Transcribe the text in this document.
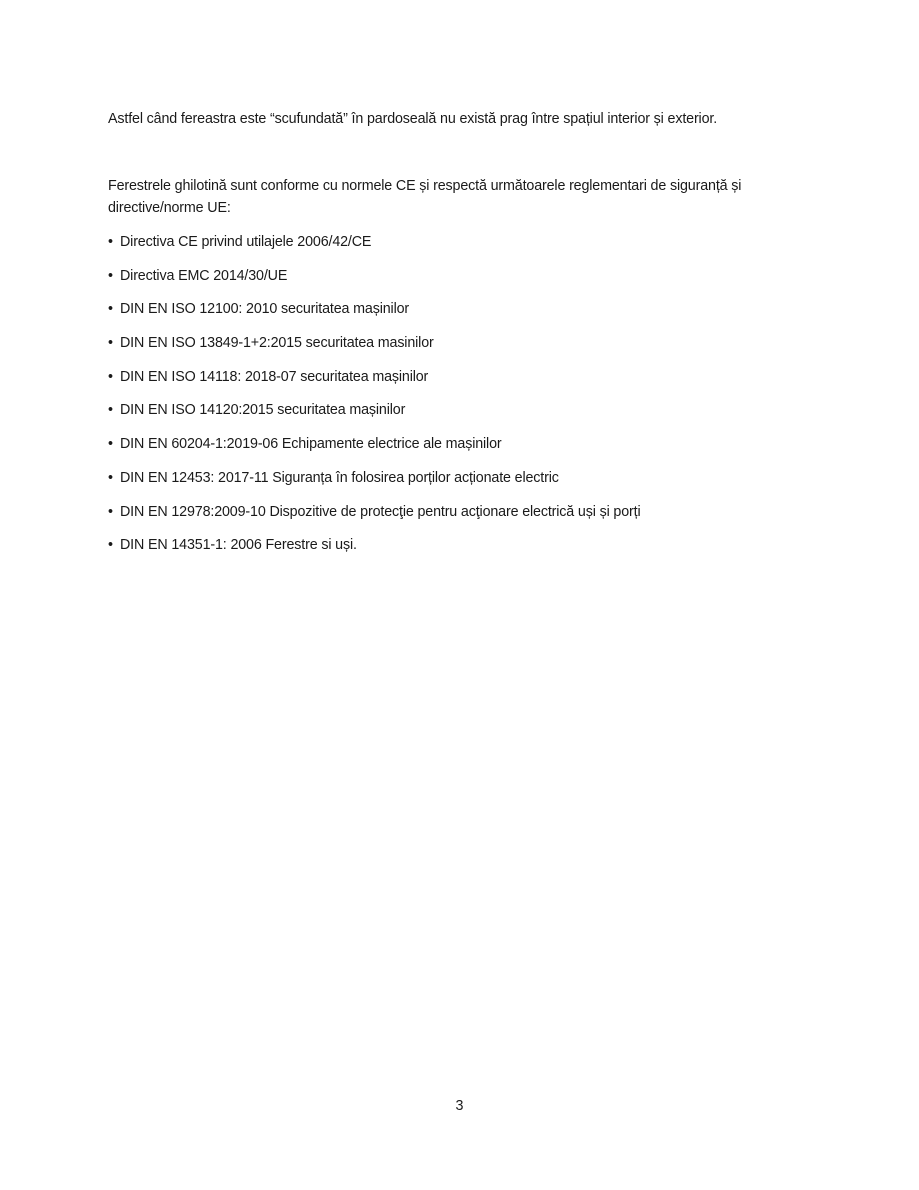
Astfel când fereastra este “scufundată” în pardoseală nu există prag între spațiul interior și exterior.

Ferestrele ghilotină sunt conforme cu normele CE și respectă următoarele reglementari de siguranță și directive/norme UE:

• Directiva CE privind utilajele 2006/42/CE
• Directiva EMC 2014/30/UE
• DIN EN ISO 12100: 2010 securitatea mașinilor
• DIN EN ISO 13849-1+2:2015 securitatea masinilor
• DIN EN ISO 14118: 2018-07 securitatea mașinilor
• DIN EN ISO 14120:2015 securitatea mașinilor
• DIN EN 60204-1:2019-06 Echipamente electrice ale mașinilor
• DIN EN 12453: 2017-11 Siguranța în folosirea porților acționate electric
• DIN EN 12978:2009-10 Dispozitive de protecţie pentru acţionare electrică uși și porți
• DIN EN 14351-1: 2006 Ferestre si uși.
3
